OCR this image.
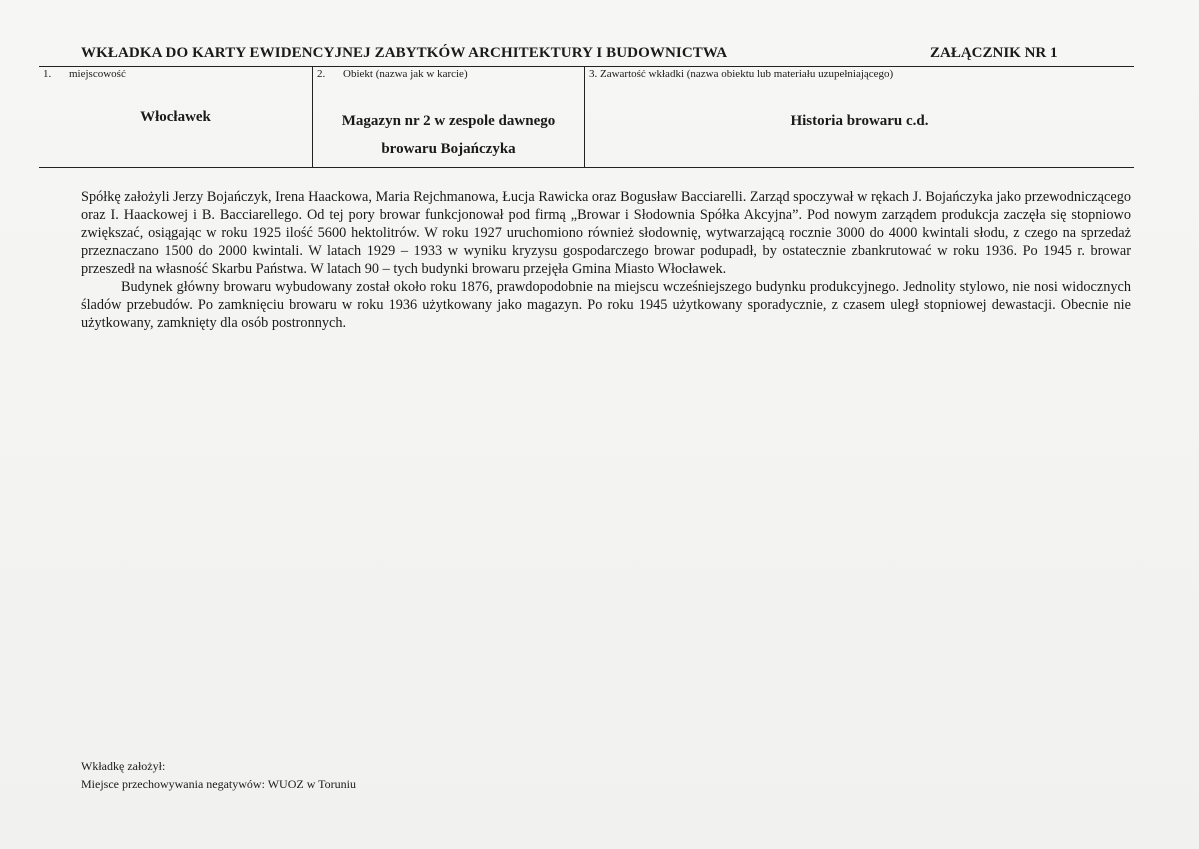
WKŁADKA DO KARTY EWIDENCYJNEJ ZABYTKÓW ARCHITEKTURY I BUDOWNICTWA	ZAŁĄCZNIK NR 1
1. miejscowość
Włocławek
2. Obiekt (nazwa jak w karcie)
Magazyn nr 2 w zespole dawnego
browaru Bojańczyka
3. Zawartość wkładki (nazwa obiektu lub materiału uzupełniającego)
Historia browaru c.d.

Spółkę założyli Jerzy Bojańczyk, Irena Haackowa, Maria Rejchmanowa, Łucja Rawicka oraz Bogusław Bacciarelli. Zarząd spoczywał w rękach J. Bojańczyka jako przewodniczącego oraz I. Haackowej i B. Bacciarellego. Od tej pory browar funkcjonował pod firmą „Browar i Słodownia Spółka Akcyjna”. Pod nowym zarządem produkcja zaczęła się stopniowo zwiększać, osiągając w roku 1925 ilość 5600 hektolitrów. W roku 1927 uruchomiono również słodownię, wytwarzającą rocznie 3000 do 4000 kwintali słodu, z czego na sprzedaż przeznaczano 1500 do 2000 kwintali. W latach 1929 – 1933 w wyniku kryzysu gospodarczego browar podupadł, by ostatecznie zbankrutować w roku 1936. Po 1945 r. browar przeszedł na własność Skarbu Państwa. W latach 90 – tych budynki browaru przejęła Gmina Miasto Włocławek.

Budynek główny browaru wybudowany został około roku 1876, prawdopodobnie na miejscu wcześniejszego budynku produkcyjnego. Jednolity stylowo, nie nosi widocznych śladów przebudów. Po zamknięciu browaru w roku 1936 użytkowany jako magazyn. Po roku 1945 użytkowany sporadycznie, z czasem uległ stopniowej dewastacji. Obecnie nie użytkowany, zamknięty dla osób postronnych.

Wkładkę założył:
Miejsce przechowywania negatywów: WUOZ w Toruniu
